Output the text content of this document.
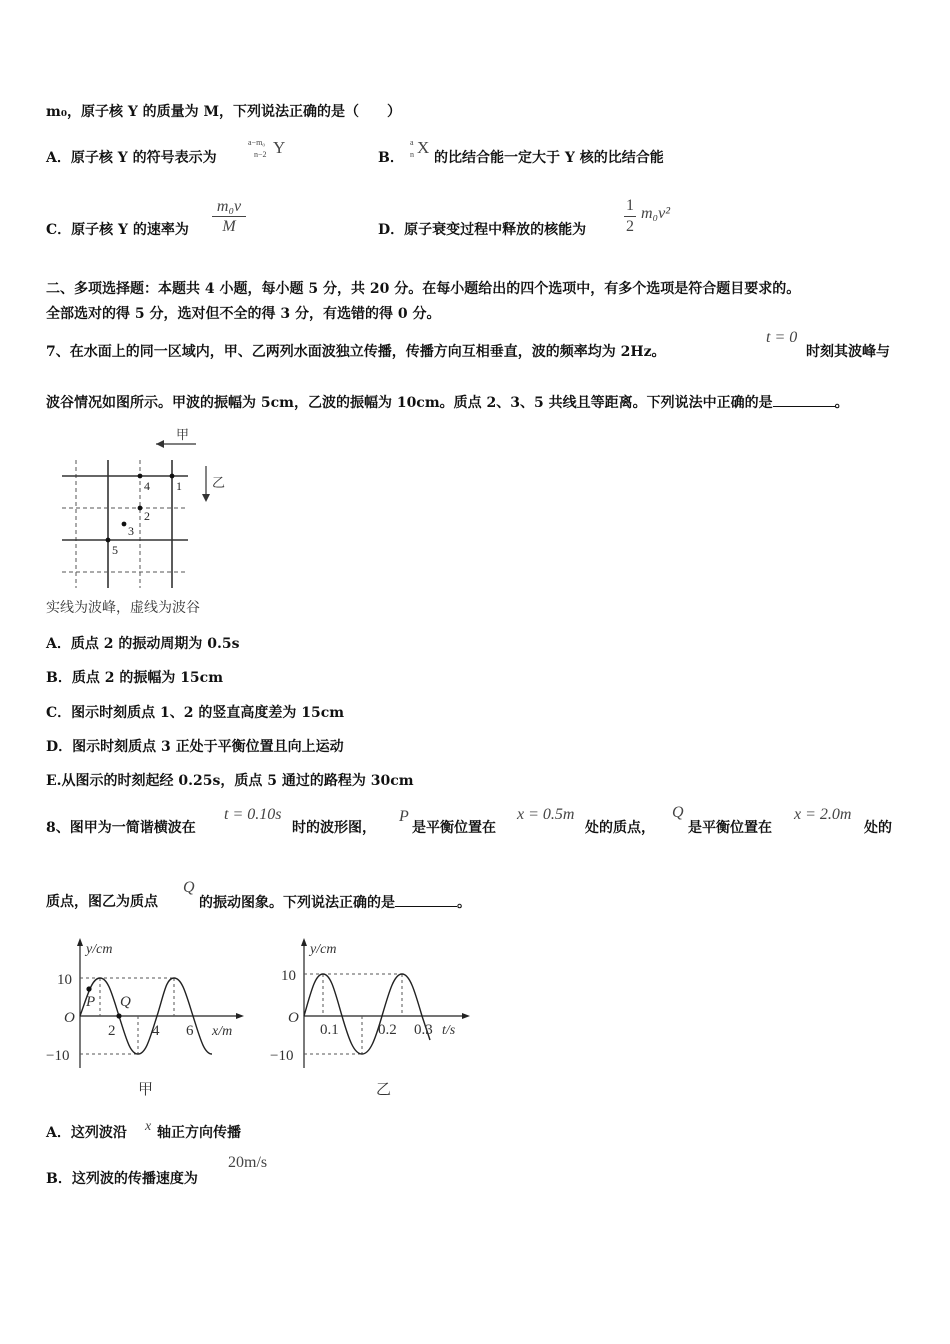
m₀，原子核 Y 的质量为 M，下列说法正确的是（　　）
A．原子核 Y 的符号表示为
a−m₀
n−2 Y
B．
a
n X
的比结合能一定大于 Y 核的比结合能
C．原子核 Y 的速率为 $\frac{\text{m₀v}}{M}$	D．原子衰变过程中释放的核能为 $\frac{1}{2} m_0v^2$
二、多项选择题：本题共 4 小题，每小题 5 分，共 20 分。在每小题给出的四个选项中，有多个选项是符合题目要求的。
全部选对的得 5 分，选对但不全的得 3 分，有选错的得 0 分。
7、在水面上的同一区域内，甲、乙两列水面波独立传播，传播方向互相垂直，波的频率均为 2Hz。
t = 0
时刻其波峰与
波谷情况如图所示。甲波的振幅为 5cm，乙波的振幅为 10cm。质点 2、3、5 共线且等距离。下列说法中正确的是	。
甲
乙
1
4
2
3
5
实线为波峰，虚线为波谷
A．质点 2 的振动周期为 0.5s
B．质点 2 的振幅为 15cm
C．图示时刻质点 1、2 的竖直高度差为 15cm
D．图示时刻质点 3 正处于平衡位置且向上运动
E.从图示的时刻起经 0.25s，质点 5 通过的路程为 30cm
8、图甲为一简谐横波在
t = 0.10s
时的波形图，
P
是平衡位置在
x = 0.5m
处的质点，
Q
是平衡位置在
x = 2.0m
处的
质点，图乙为质点
Q
的振动图象。下列说法正确的是	。
y/cm
10
−10
O
P Q
2 4 6 x/m
甲
y/cm
10
−10
O
0.1	0.2 0.3 t/s
乙
A．这列波沿 x 轴正方向传播
B．这列波的传播速度为
20m/s
